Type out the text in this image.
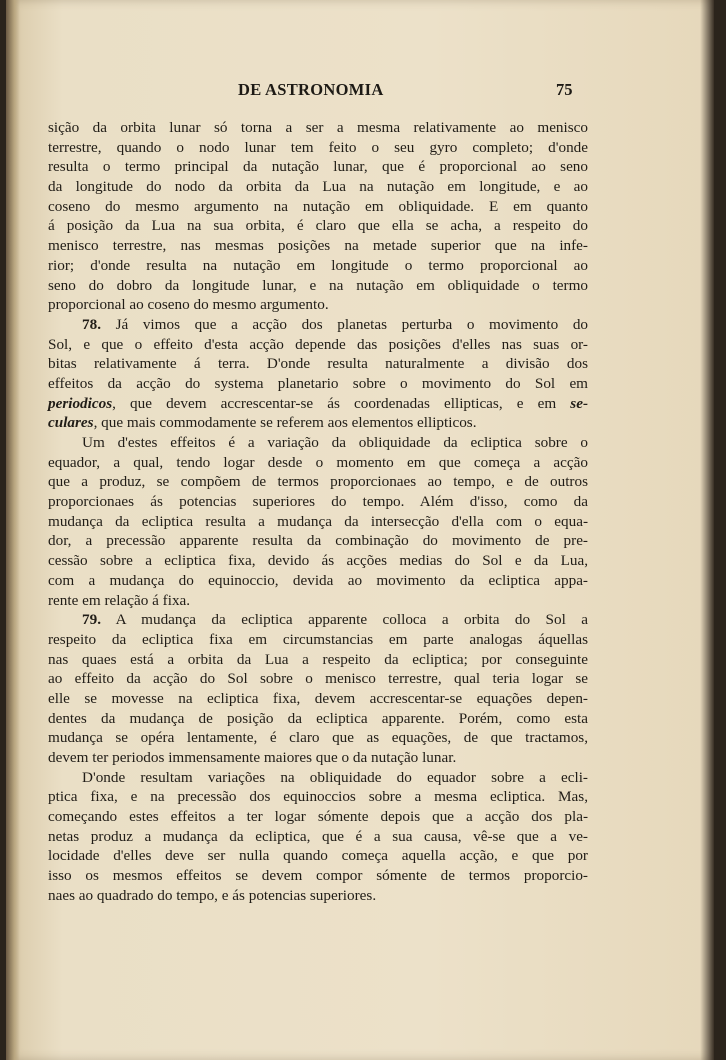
DE ASTRONOMIA	75
sição da orbita lunar só torna a ser a mesma relativamente ao menisco
terrestre, quando o nodo lunar tem feito o seu gyro completo; d'onde
resulta o termo principal da nutação lunar, que é proporcional ao seno
da longitude do nodo da orbita da Lua na nutação em longitude, e ao
coseno do mesmo argumento na nutação em obliquidade. E em quanto
á posição da Lua na sua orbita, é claro que ella se acha, a respeito do
menisco terrestre, nas mesmas posições na metade superior que na infe-
rior; d'onde resulta na nutação em longitude o termo proporcional ao
seno do dobro da longitude lunar, e na nutação em obliquidade o termo
proporcional ao coseno do mesmo argumento.
78. Já vimos que a acção dos planetas perturba o movimento do
Sol, e que o effeito d'esta acção depende das posições d'elles nas suas or-
bitas relativamente á terra. D'onde resulta naturalmente a divisão dos
effeitos da acção do systema planetario sobre o movimento do Sol em
periodicos, que devem accrescentar-se ás coordenadas ellipticas, e em se-
culares, que mais commodamente se referem aos elementos ellipticos.
Um d'estes effeitos é a variação da obliquidade da ecliptica sobre o
equador, a qual, tendo logar desde o momento em que começa a acção
que a produz, se compõem de termos proporcionaes ao tempo, e de outros
proporcionaes ás potencias superiores do tempo. Além d'isso, como da
mudança da ecliptica resulta a mudança da intersecção d'ella com o equa-
dor, a precessão apparente resulta da combinação do movimento de pre-
cessão sobre a ecliptica fixa, devido ás acções medias do Sol e da Lua,
com a mudança do equinoccio, devida ao movimento da ecliptica appa-
rente em relação á fixa.
79. A mudança da ecliptica apparente colloca a orbita do Sol a
respeito da ecliptica fixa em circumstancias em parte analogas áquellas
nas quaes está a orbita da Lua a respeito da ecliptica; por conseguinte
ao effeito da acção do Sol sobre o menisco terrestre, qual teria logar se
elle se movesse na ecliptica fixa, devem accrescentar-se equações depen-
dentes da mudança de posição da ecliptica apparente. Porém, como esta
mudança se opéra lentamente, é claro que as equações, de que tractamos,
devem ter periodos immensamente maiores que o da nutação lunar.
D'onde resultam variações na obliquidade do equador sobre a ecli-
ptica fixa, e na precessão dos equinoccios sobre a mesma ecliptica. Mas,
começando estes effeitos a ter logar sómente depois que a acção dos pla-
netas produz a mudança da ecliptica, que é a sua causa, vê-se que a ve-
locidade d'elles deve ser nulla quando começa aquella acção, e que por
isso os mesmos effeitos se devem compor sómente de termos proporcio-
naes ao quadrado do tempo, e ás potencias superiores.
